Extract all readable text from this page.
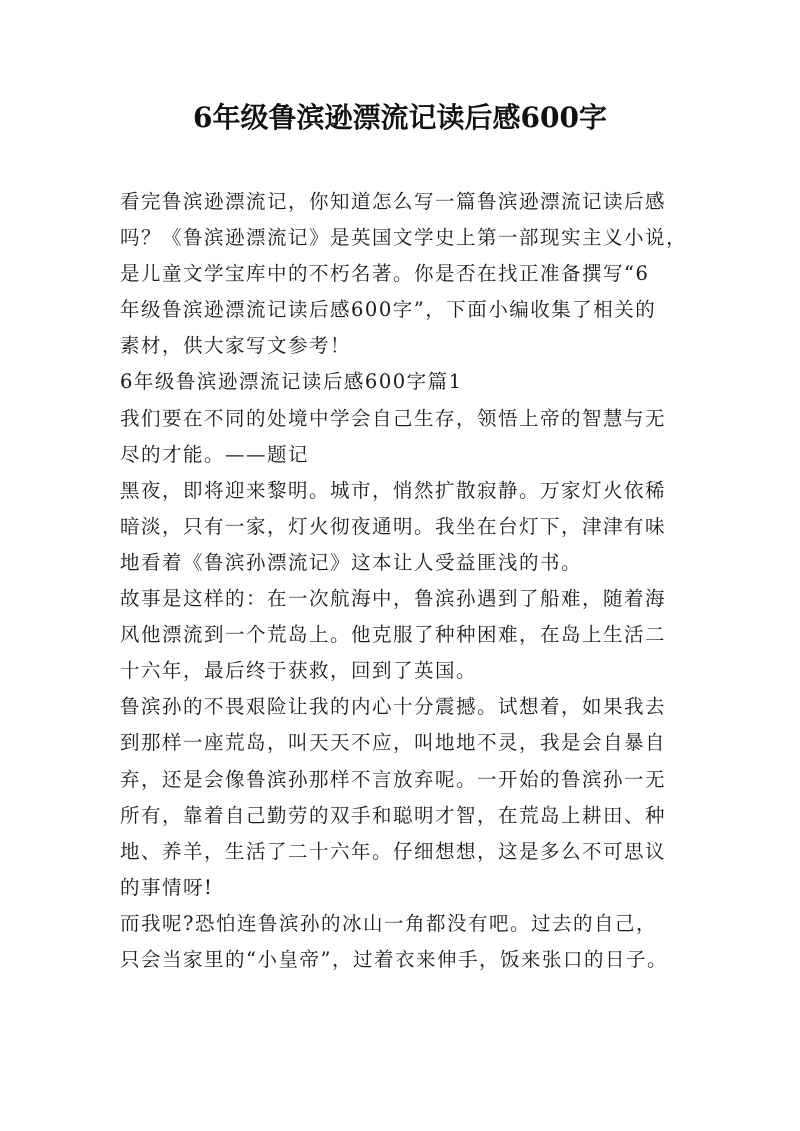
6年级鲁滨逊漂流记读后感600字
看完鲁滨逊漂流记，你知道怎么写一篇鲁滨逊漂流记读后感
吗？《鲁滨逊漂流记》是英国文学史上第一部现实主义小说，
是儿童文学宝库中的不朽名著。你是否在找正准备撰写“6
年级鲁滨逊漂流记读后感600字”，下面小编收集了相关的
素材，供大家写文参考！
6年级鲁滨逊漂流记读后感600字篇1
我们要在不同的处境中学会自己生存，领悟上帝的智慧与无
尽的才能。——题记
黑夜，即将迎来黎明。城市，悄然扩散寂静。万家灯火依稀
暗淡，只有一家，灯火彻夜通明。我坐在台灯下，津津有味
地看着《鲁滨孙漂流记》这本让人受益匪浅的书。
故事是这样的：在一次航海中，鲁滨孙遇到了船难，随着海
风他漂流到一个荒岛上。他克服了种种困难，在岛上生活二
十六年，最后终于获救，回到了英国。
鲁滨孙的不畏艰险让我的内心十分震撼。试想着，如果我去
到那样一座荒岛，叫天天不应，叫地地不灵，我是会自暴自
弃，还是会像鲁滨孙那样不言放弃呢。一开始的鲁滨孙一无
所有，靠着自己勤劳的双手和聪明才智，在荒岛上耕田、种
地、养羊，生活了二十六年。仔细想想，这是多么不可思议
的事情呀!
而我呢?恐怕连鲁滨孙的冰山一角都没有吧。过去的自己，
只会当家里的“小皇帝”，过着衣来伸手，饭来张口的日子。
